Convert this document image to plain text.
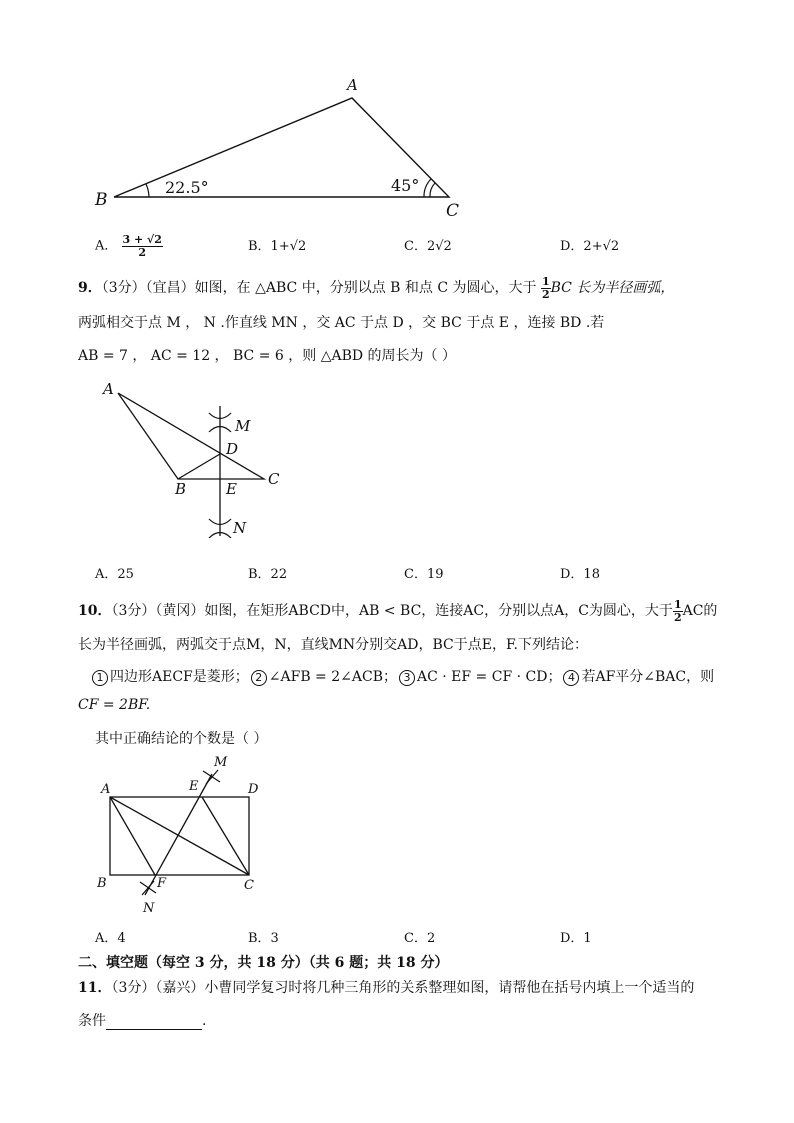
A
B
C
22.5°	45°
A． $\frac{3 + √2}{2}$	B．1+√2	C．2√2	D．2+√2
9．（3分）（宜昌）如图，在 △ABC 中，分别以点 B 和点 C 为圆心，大于 $\frac{1}{2}$ BC 长为半径画弧，
两弧相交于点 M ， N .作直线 MN ，交 AC 于点 D ，交 BC 于点 E ，连接 BD .若
AB = 7 ， AC = 12 ， BC = 6 ，则 △ABD 的周长为（ ）
A
M
D
B	E
C
N
A．25	B．22	C．19	D．18
10．（3分）（黄冈）如图，在矩形ABCD中，AB < BC，连接AC，分别以点A，C为圆心，大于 $\frac{1}{2}$ AC的
长为半径画弧，两弧交于点M，N，直线MN分别交AD，BC于点E，F.下列结论：
1 四边形AECF是菱形； 2 ∠AFB = 2∠ACB； 3 AC · EF = CF · CD； 4 若AF平分∠BAC，则
CF = 2BF.
其中正确结论的个数是（ ）
M
A	E	D
B	F	C
N
A．4	B．3	C．2	D．1
二、填空题（每空 3 分，共 18 分）（共 6 题；共 18 分）
11．（3分）（嘉兴）小曹同学复习时将几种三角形的关系整理如图，请帮他在括号内填上一个适当的
条件	.
